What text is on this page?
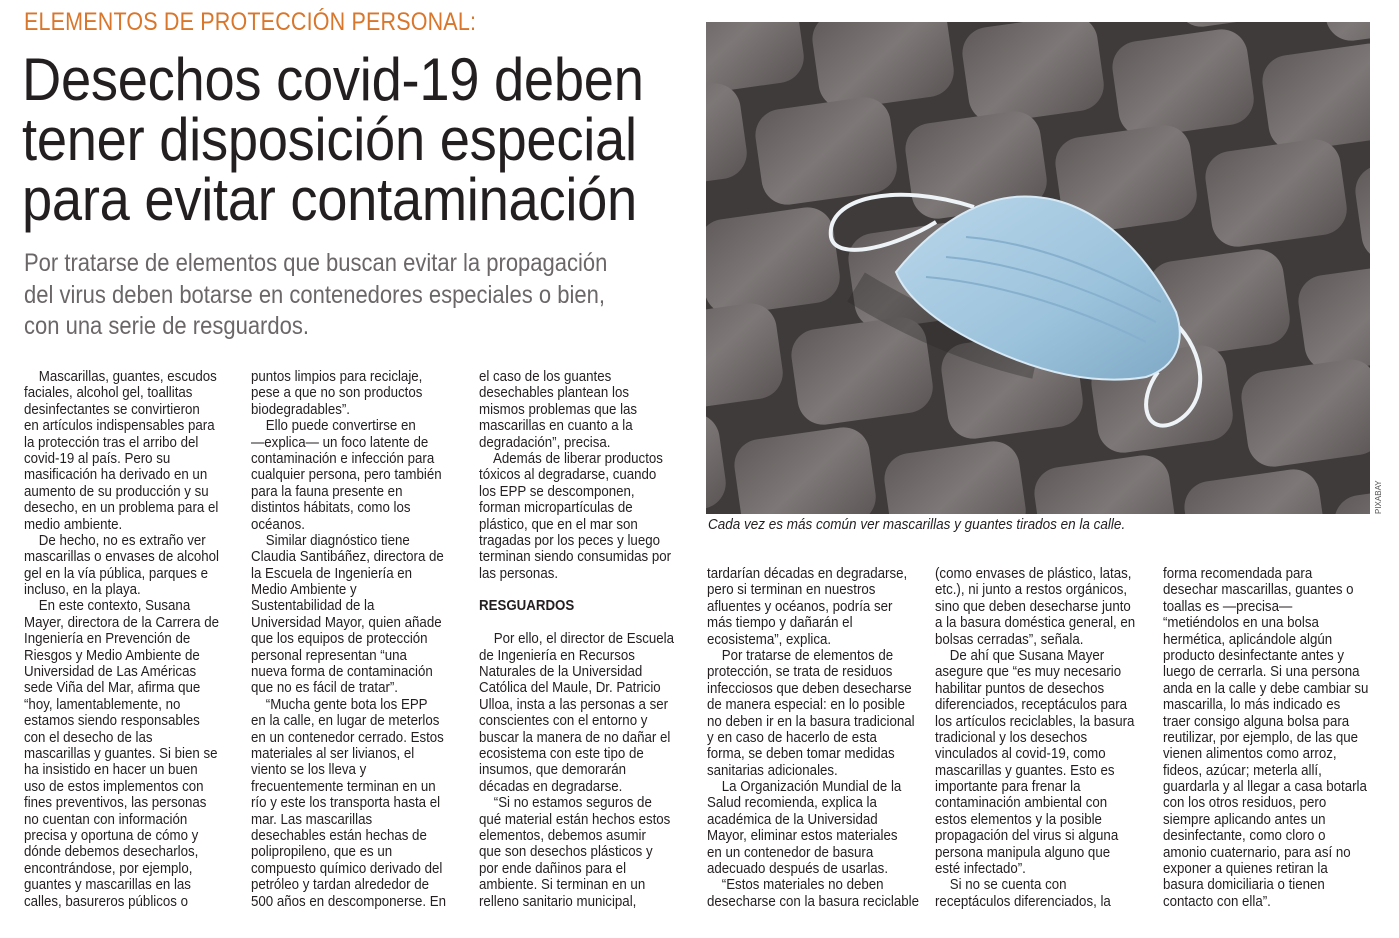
ELEMENTOS DE PROTECCIÓN PERSONAL:
Desechos covid-19 deben
tener disposición especial
para evitar contaminación
Por tratarse de elementos que buscan evitar la propagación
del virus deben botarse en contenedores especiales o bien,
con una serie de resguardos.
PIXABAY
Cada vez es más común ver mascarillas y guantes tirados en la calle.
Mascarillas, guantes, escudos
faciales, alcohol gel, toallitas
desinfectantes se convirtieron
en artículos indispensables para
la protección tras el arribo del
covid-19 al país. Pero su
masificación ha derivado en un
aumento de su producción y su
desecho, en un problema para el
medio ambiente.
De hecho, no es extraño ver
mascarillas o envases de alcohol
gel en la vía pública, parques e
incluso, en la playa.
En este contexto, Susana
Mayer, directora de la Carrera de
Ingeniería en Prevención de
Riesgos y Medio Ambiente de
Universidad de Las Américas
sede Viña del Mar, afirma que
“hoy, lamentablemente, no
estamos siendo responsables
con el desecho de las
mascarillas y guantes. Si bien se
ha insistido en hacer un buen
uso de estos implementos con
fines preventivos, las personas
no cuentan con información
precisa y oportuna de cómo y
dónde debemos desecharlos,
encontrándose, por ejemplo,
guantes y mascarillas en las
calles, basureros públicos o
puntos limpios para reciclaje,
pese a que no son productos
biodegradables”.
Ello puede convertirse en
—explica— un foco latente de
contaminación e infección para
cualquier persona, pero también
para la fauna presente en
distintos hábitats, como los
océanos.
Similar diagnóstico tiene
Claudia Santibáñez, directora de
la Escuela de Ingeniería en
Medio Ambiente y
Sustentabilidad de la
Universidad Mayor, quien añade
que los equipos de protección
personal representan “una
nueva forma de contaminación
que no es fácil de tratar”.
“Mucha gente bota los EPP
en la calle, en lugar de meterlos
en un contenedor cerrado. Estos
materiales al ser livianos, el
viento se los lleva y
frecuentemente terminan en un
río y este los transporta hasta el
mar. Las mascarillas
desechables están hechas de
polipropileno, que es un
compuesto químico derivado del
petróleo y tardan alrededor de
500 años en descomponerse. En
el caso de los guantes
desechables plantean los
mismos problemas que las
mascarillas en cuanto a la
degradación”, precisa.
Además de liberar productos
tóxicos al degradarse, cuando
los EPP se descomponen,
forman micropartículas de
plástico, que en el mar son
tragadas por los peces y luego
terminan siendo consumidas por
las personas.
RESGUARDOS
Por ello, el director de Escuela
de Ingeniería en Recursos
Naturales de la Universidad
Católica del Maule, Dr. Patricio
Ulloa, insta a las personas a ser
conscientes con el entorno y
buscar la manera de no dañar el
ecosistema con este tipo de
insumos, que demorarán
décadas en degradarse.
“Si no estamos seguros de
qué material están hechos estos
elementos, debemos asumir
que son desechos plásticos y
por ende dañinos para el
ambiente. Si terminan en un
relleno sanitario municipal,
tardarían décadas en degradarse,
pero si terminan en nuestros
afluentes y océanos, podría ser
más tiempo y dañarán el
ecosistema”, explica.
Por tratarse de elementos de
protección, se trata de residuos
infecciosos que deben desecharse
de manera especial: en lo posible
no deben ir en la basura tradicional
y en caso de hacerlo de esta
forma, se deben tomar medidas
sanitarias adicionales.
La Organización Mundial de la
Salud recomienda, explica la
académica de la Universidad
Mayor, eliminar estos materiales
en un contenedor de basura
adecuado después de usarlas.
“Estos materiales no deben
desecharse con la basura reciclable
(como envases de plástico, latas,
etc.), ni junto a restos orgánicos,
sino que deben desecharse junto
a la basura doméstica general, en
bolsas cerradas”, señala.
De ahí que Susana Mayer
asegure que “es muy necesario
habilitar puntos de desechos
diferenciados, receptáculos para
los artículos reciclables, la basura
tradicional y los desechos
vinculados al covid-19, como
mascarillas y guantes. Esto es
importante para frenar la
contaminación ambiental con
estos elementos y la posible
propagación del virus si alguna
persona manipula alguno que
esté infectado”.
Si no se cuenta con
receptáculos diferenciados, la
forma recomendada para
desechar mascarillas, guantes o
toallas es —precisa—
“metiéndolos en una bolsa
hermética, aplicándole algún
producto desinfectante antes y
luego de cerrarla. Si una persona
anda en la calle y debe cambiar su
mascarilla, lo más indicado es
traer consigo alguna bolsa para
reutilizar, por ejemplo, de las que
vienen alimentos como arroz,
fideos, azúcar; meterla allí,
guardarla y al llegar a casa botarla
con los otros residuos, pero
siempre aplicando antes un
desinfectante, como cloro o
amonio cuaternario, para así no
exponer a quienes retiran la
basura domiciliaria o tienen
contacto con ella”.
